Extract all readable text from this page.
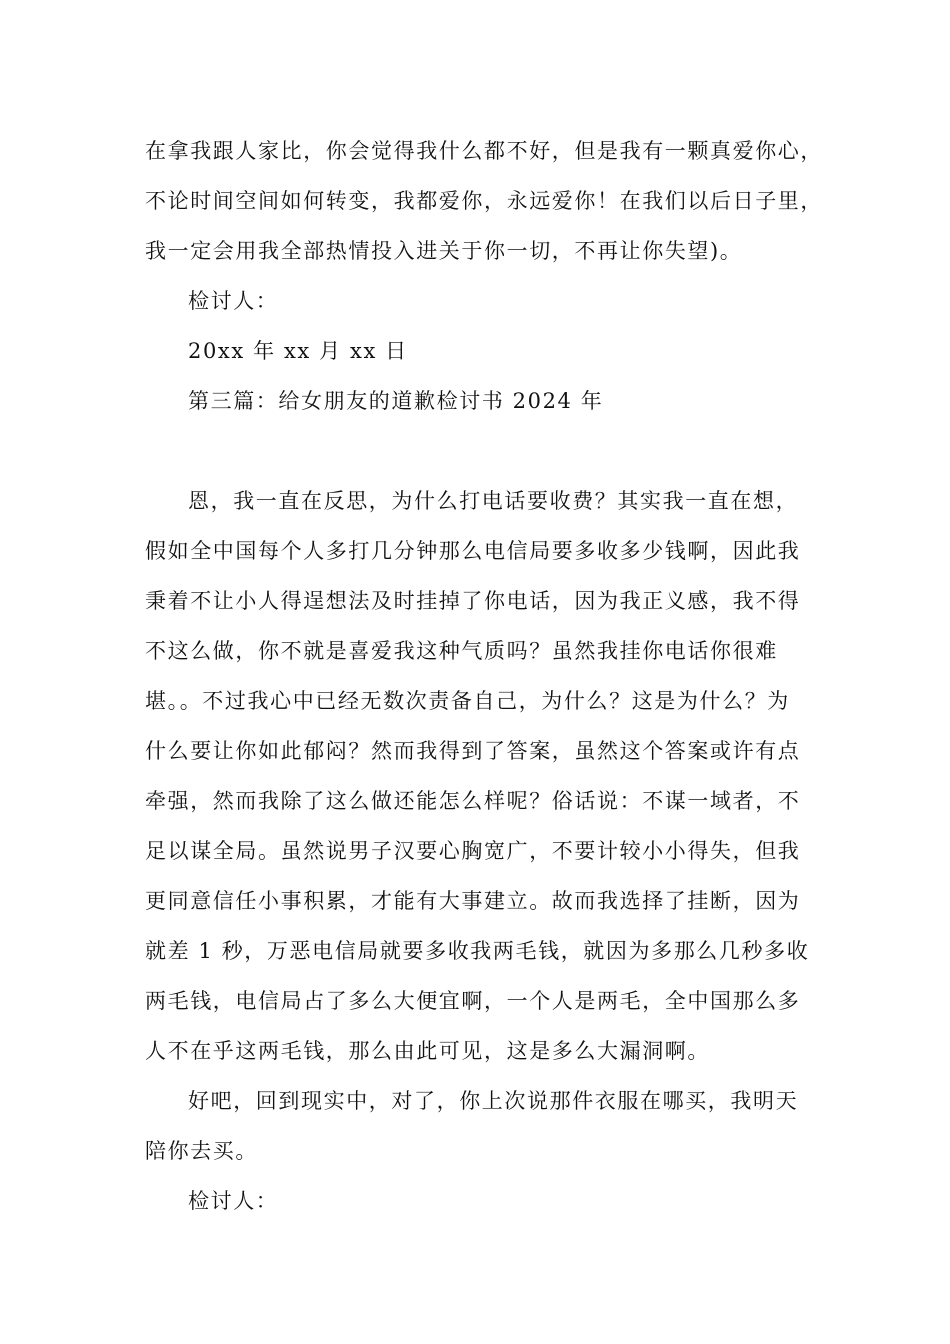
在拿我跟人家比，你会觉得我什么都不好，但是我有一颗真爱你心，
不论时间空间如何转变，我都爱你，永远爱你！在我们以后日子里，
我一定会用我全部热情投入进关于你一切，不再让你失望)。
检讨人：
20xx 年 xx 月 xx 日
第三篇：给女朋友的道歉检讨书 2024 年
恩，我一直在反思，为什么打电话要收费？其实我一直在想，
假如全中国每个人多打几分钟那么电信局要多收多少钱啊，因此我
秉着不让小人得逞想法及时挂掉了你电话，因为我正义感，我不得
不这么做，你不就是喜爱我这种气质吗？虽然我挂你电话你很难
堪。。不过我心中已经无数次责备自己，为什么？这是为什么？为
什么要让你如此郁闷？然而我得到了答案，虽然这个答案或许有点
牵强，然而我除了这么做还能怎么样呢？俗话说：不谋一域者，不
足以谋全局。虽然说男子汉要心胸宽广，不要计较小小得失，但我
更同意信任小事积累，才能有大事建立。故而我选择了挂断，因为
就差 1 秒，万恶电信局就要多收我两毛钱，就因为多那么几秒多收
两毛钱，电信局占了多么大便宜啊，一个人是两毛，全中国那么多
人不在乎这两毛钱，那么由此可见，这是多么大漏洞啊。
好吧，回到现实中，对了，你上次说那件衣服在哪买，我明天
陪你去买。
检讨人：
